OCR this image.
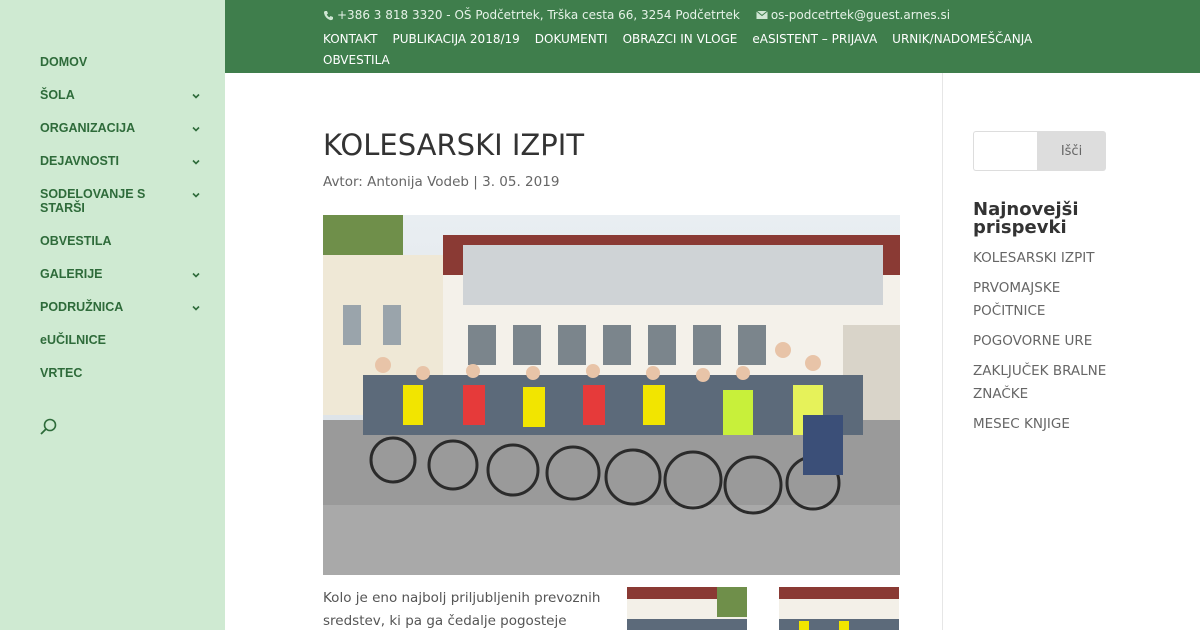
DOMOV
ŠOLA
ORGANIZACIJA
DEJAVNOSTI
SODELOVANJE S STARŠI
OBVESTILA
GALERIJE
PODRUŽNICA
eUČILNICE
VRTEC
+386 3 818 3320 - OŠ Podčetrtek, Trška cesta 66, 3254 Podčetrtek	os-podcetrtek@guest.arnes.si
KONTAKT PUBLIKACIJA 2018/19 DOKUMENTI OBRAZCI IN VLOGE eASISTENT – PRIJAVA URNIK/NADOMEŠČANJAOBVESTILA
KOLESARSKI IZPIT
Avtor: Antonija Vodeb | 3. 05. 2019

Kolo je eno najbolj priljubljenih prevoznih sredstev, ki pa ga čedalje pogosteje

Išči
Najnovejši prispevki
KOLESARSKI IZPIT
PRVOMAJSKE POČITNICE
POGOVORNE URE
ZAKLJUČEK BRALNE ZNAČKE
MESEC KNJIGE
